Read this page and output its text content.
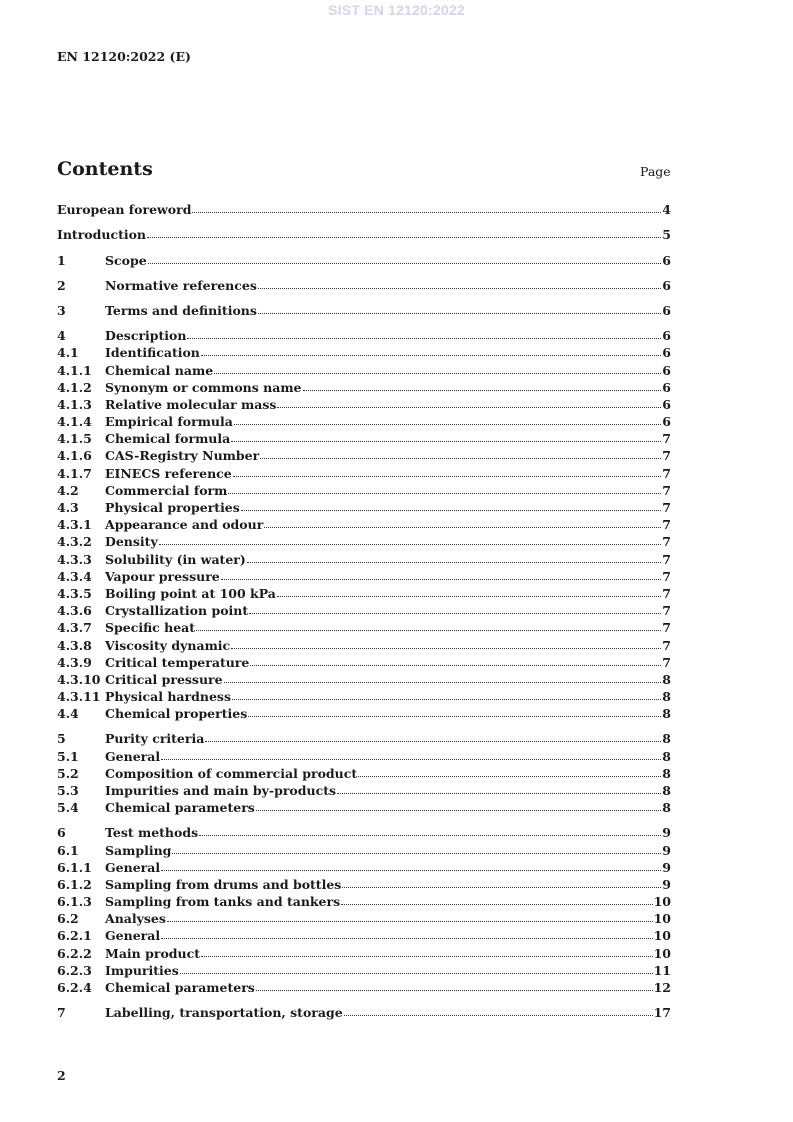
SIST EN 12120:2022
EN 12120:2022 (E)
Contents	Page
European foreword	4
Introduction	5
1	Scope	6
2	Normative references	6
3	Terms and definitions	6
4	Description	6
4.1	Identification	6
4.1.1	Chemical name	6
4.1.2	Synonym or commons name	6
4.1.3	Relative molecular mass	6
4.1.4	Empirical formula	6
4.1.5	Chemical formula	7
4.1.6	CAS-Registry Number	7
4.1.7	EINECS reference	7
4.2	Commercial form	7
4.3	Physical properties	7
4.3.1	Appearance and odour	7
4.3.2	Density	7
4.3.3	Solubility (in water)	7
4.3.4	Vapour pressure	7
4.3.5	Boiling point at 100 kPa	7
4.3.6	Crystallization point	7
4.3.7	Specific heat	7
4.3.8	Viscosity dynamic	7
4.3.9	Critical temperature	7
4.3.10 Critical pressure	8
4.3.11 Physical hardness	8
4.4	Chemical properties	8
5	Purity criteria	8
5.1	General	8
5.2	Composition of commercial product	8
5.3	Impurities and main by-products	8
5.4	Chemical parameters	8
6	Test methods	9
6.1	Sampling	9
6.1.1	General	9
6.1.2	Sampling from drums and bottles	9
6.1.3	Sampling from tanks and tankers	10
6.2	Analyses	10
6.2.1	General	10
6.2.2	Main product	10
6.2.3	Impurities	11
6.2.4	Chemical parameters	12
7	Labelling, transportation, storage	17
2
